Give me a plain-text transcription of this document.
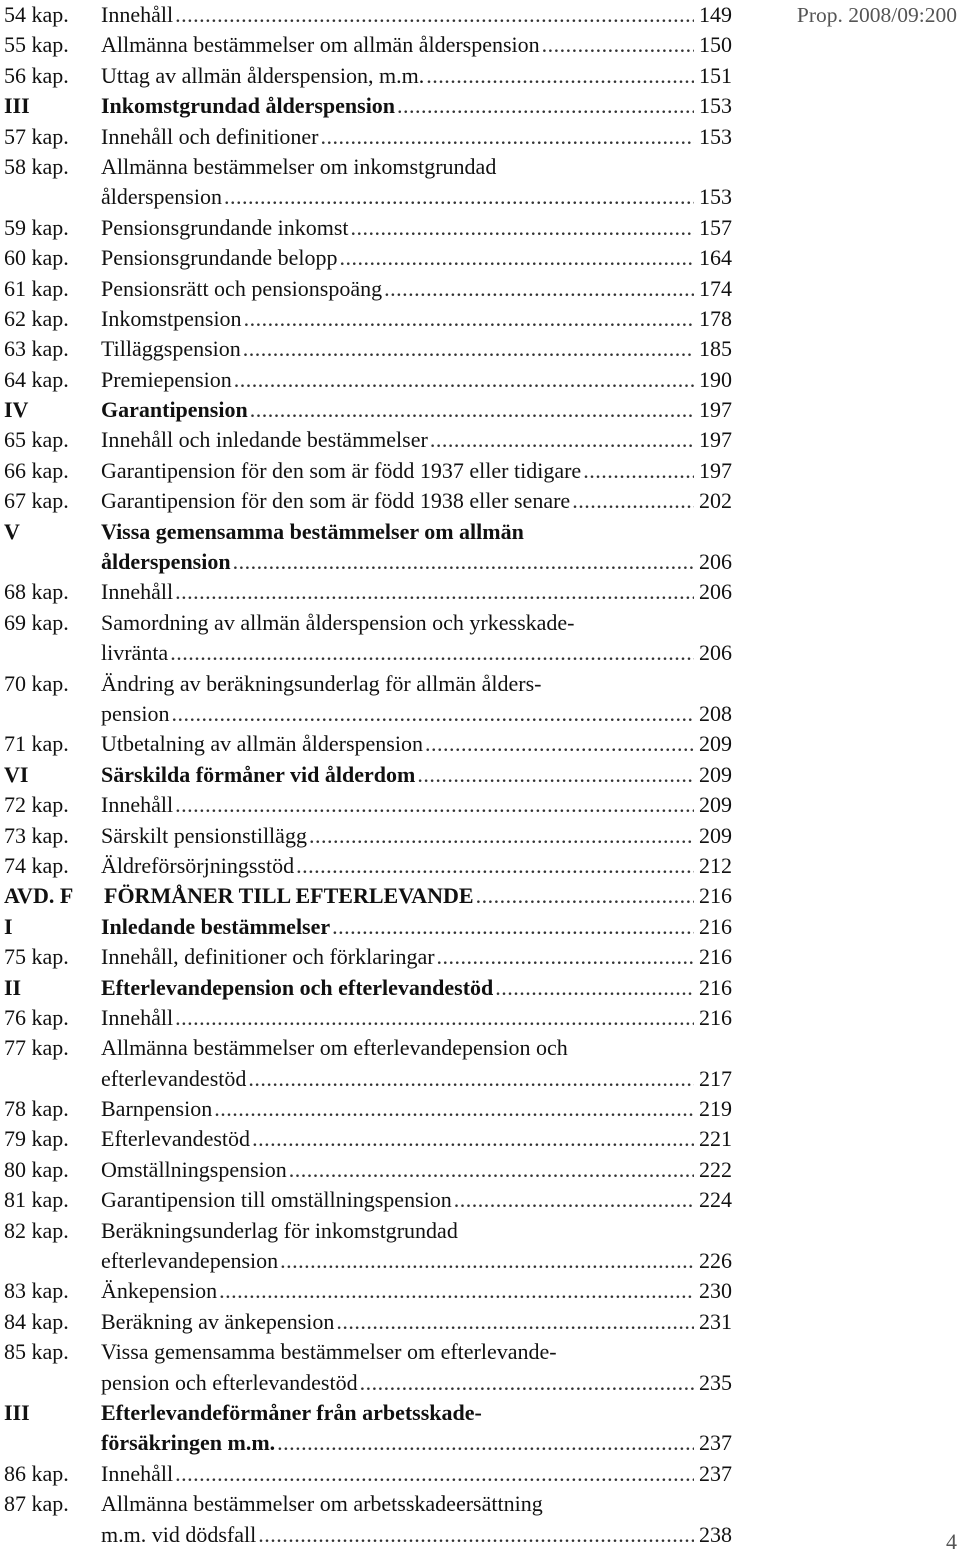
Prop. 2008/09:200
54 kap.	Innehåll .....	149
55 kap.	Allmänna bestämmelser om allmän ålderspension .....	150
56 kap.	Uttag av allmän ålderspension, m.m. .....	151
III	Inkomstgrundad ålderspension .....	153
57 kap.	Innehåll och definitioner .....	153
58 kap. Allmänna bestämmelser om inkomstgrundad
ålderspension .....	153
59 kap.	Pensionsgrundande inkomst .....	157
60 kap.	Pensionsgrundande belopp .....	164
61 kap.	Pensionsrätt och pensionspoäng .....	174
62 kap.	Inkomstpension .....	178
63 kap.	Tilläggspension .....	185
64 kap.	Premiepension .....	190
IV	Garantipension .....	197
65 kap.	Innehåll och inledande bestämmelser .....	197
66 kap.	Garantipension för den som är född 1937 eller tidigare .....	197
67 kap.	Garantipension för den som är född 1938 eller senare .....	202
V	Vissa gemensamma bestämmelser om allmän
ålderspension .....	206
68 kap.	Innehåll .....	206
69 kap. Samordning av allmän ålderspension och yrkesskade-
livränta .....	206
70 kap. Ändring av beräkningsunderlag för allmän ålders-
pension .....	208
71 kap.	Utbetalning av allmän ålderspension .....	209
VI	Särskilda förmåner vid ålderdom .....	209
72 kap.	Innehåll .....	209
73 kap.	Särskilt pensionstillägg .....	209
74 kap.	Äldreförsörjningsstöd .....	212
AVD. F	FÖRMÅNER TILL EFTERLEVANDE .....	216
I	Inledande bestämmelser .....	216
75 kap.	Innehåll, definitioner och förklaringar .....	216
II	Efterlevandepension och efterlevandestöd .....	216
76 kap.	Innehåll .....	216
77 kap. Allmänna bestämmelser om efterlevandepension och
efterlevandestöd .....	217
78 kap.	Barnpension .....	219
79 kap.	Efterlevandestöd .....	221
80 kap.	Omställningspension .....	222
81 kap.	Garantipension till omställningspension .....	224
82 kap. Beräkningsunderlag för inkomstgrundad
efterlevandepension .....	226
83 kap.	Änkepension .....	230
84 kap.	Beräkning av änkepension .....	231
85 kap. Vissa gemensamma bestämmelser om efterlevande-
pension och efterlevandestöd .....	235
III	Efterlevandeförmåner från arbetsskade-
försäkringen m.m. .....	237
86 kap.	Innehåll .....	237
87 kap. Allmänna bestämmelser om arbetsskadeersättning
m.m. vid dödsfall .....	238	4
